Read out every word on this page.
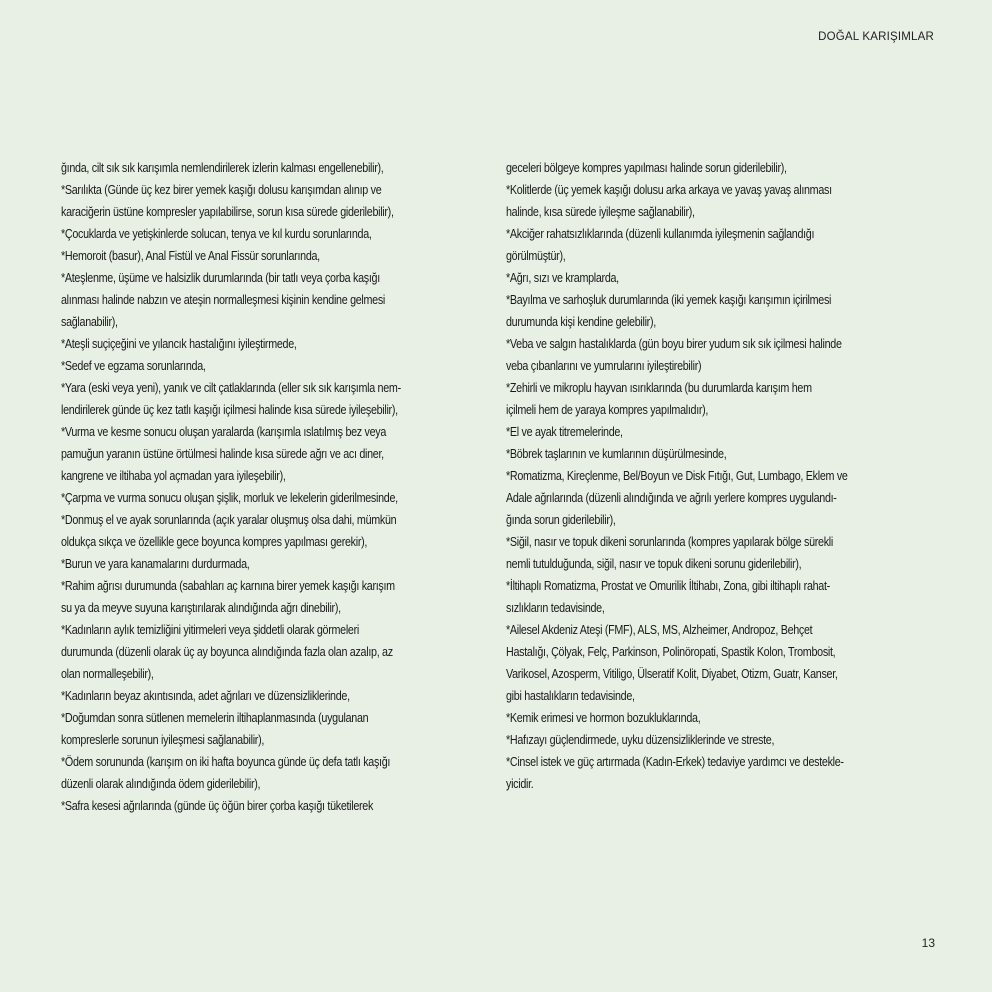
DOĞAL KARIŞIMLAR
ğında, cilt sık sık karışımla nemlendirilerek izlerin kalması engellenebilir),
*Sarılıkta (Günde üç kez birer yemek kaşığı dolusu karışımdan alınıp ve
karaciğerin üstüne kompresler yapılabilirse, sorun kısa sürede giderilebilir),
*Çocuklarda ve yetişkinlerde solucan, tenya ve kıl kurdu sorunlarında,
*Hemoroit (basur), Anal Fistül ve Anal Fissür sorunlarında,
*Ateşlenme, üşüme ve halsizlik durumlarında (bir tatlı veya çorba kaşığı
alınması halinde nabzın ve ateşin normalleşmesi kişinin kendine gelmesi
sağlanabilir),
*Ateşli suçiçeğini ve yılancık hastalığını iyileştirmede,
*Sedef ve egzama sorunlarında,
*Yara (eski veya yeni), yanık ve cilt çatlaklarında (eller sık sık karışımla nem-
lendirilerek günde üç kez tatlı kaşığı içilmesi halinde kısa sürede iyileşebilir),
*Vurma ve kesme sonucu oluşan yaralarda (karışımla ıslatılmış bez veya
pamuğun yaranın üstüne örtülmesi halinde kısa sürede ağrı ve acı diner,
kangrene ve iltihaba yol açmadan yara iyileşebilir),
*Çarpma ve vurma sonucu oluşan şişlik, morluk ve lekelerin giderilmesinde,
*Donmuş el ve ayak sorunlarında (açık yaralar oluşmuş olsa dahi, mümkün
oldukça sıkça ve özellikle gece boyunca kompres yapılması gerekir),
*Burun ve yara kanamalarını durdurmada,
*Rahim ağrısı durumunda (sabahları aç karnına birer yemek kaşığı karışım
su ya da meyve suyuna karıştırılarak alındığında ağrı dinebilir),
*Kadınların aylık temizliğini yitirmeleri veya şiddetli olarak görmeleri
durumunda (düzenli olarak üç ay boyunca alındığında fazla olan azalıp, az
olan normalleşebilir),
*Kadınların beyaz akıntısında, adet ağrıları ve düzensizliklerinde,
*Doğumdan sonra sütlenen memelerin iltihaplanmasında (uygulanan
kompreslerle sorunun iyileşmesi sağlanabilir),
*Ödem sorununda (karışım on iki hafta boyunca günde üç defa tatlı kaşığı
düzenli olarak alındığında ödem giderilebilir),
*Safra kesesi ağrılarında (günde üç öğün birer çorba kaşığı tüketilerek
geceleri bölgeye kompres yapılması halinde sorun giderilebilir),
*Kolitlerde (üç yemek kaşığı dolusu arka arkaya ve yavaş yavaş alınması
halinde, kısa sürede iyileşme sağlanabilir),
*Akciğer rahatsızlıklarında (düzenli kullanımda iyileşmenin sağlandığı
görülmüştür),
*Ağrı, sızı ve kramplarda,
*Bayılma ve sarhoşluk durumlarında (iki yemek kaşığı karışımın içirilmesi
durumunda kişi kendine gelebilir),
*Veba ve salgın hastalıklarda (gün boyu birer yudum sık sık içilmesi halinde
veba çıbanlarını ve yumrularını iyileştirebilir)
*Zehirli ve mikroplu hayvan ısırıklarında (bu durumlarda karışım hem
içilmeli hem de yaraya kompres yapılmalıdır),
*El ve ayak titremelerinde,
*Böbrek taşlarının ve kumlarının düşürülmesinde,
*Romatizma, Kireçlenme, Bel/Boyun ve Disk Fıtığı, Gut, Lumbago, Eklem ve
Adale ağrılarında (düzenli alındığında ve ağrılı yerlere kompres uygulandı-
ğında sorun giderilebilir),
*Siğil, nasır ve topuk dikeni sorunlarında (kompres yapılarak bölge sürekli
nemli tutulduğunda, siğil, nasır ve topuk dikeni sorunu giderilebilir),
*İltihaplı Romatizma, Prostat ve Omurilik İltihabı, Zona, gibi iltihaplı rahat-
sızlıkların tedavisinde,
*Ailesel Akdeniz Ateşi (FMF), ALS, MS, Alzheimer, Andropoz, Behçet
Hastalığı, Çölyak, Felç, Parkinson, Polinöropati, Spastik Kolon, Trombosit,
Varikosel, Azosperm, Vitiligo, Ülseratif Kolit, Diyabet, Otizm, Guatr, Kanser,
gibi hastalıkların tedavisinde,
*Kemik erimesi ve hormon bozukluklarında,
*Hafızayı güçlendirmede, uyku düzensizliklerinde ve streste,
*Cinsel istek ve güç artırmada (Kadın-Erkek) tedaviye yardımcı ve destekle-
yicidir.
13
